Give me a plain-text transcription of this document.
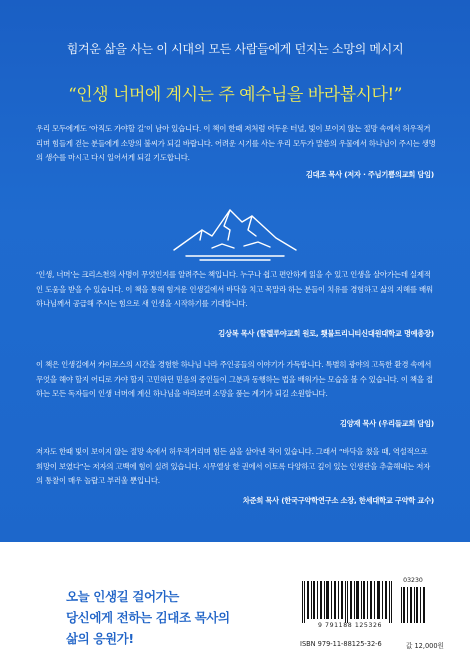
힘겨운 삶을 사는 이 시대의 모든 사람들에게 던지는 소망의 메시지
“인생 너머에 계시는 주 예수님을 바라봅시다!”

우리 모두에게도 ‘아직도 가야할 길’이 남아 있습니다. 이 책이 한때 저처럼 어두운 터널, 빛이 보이지 않는 절망 속에서 허우적거리며 힘들게 걷는 분들에게 소망의 불씨가 되길 바랍니다. 어려운 시기를 사는 우리 모두가 말씀의 우물에서 하나님이 주시는 생명의 생수를 마시고 다시 일어서게 되길 기도합니다.

김대조 목사 (저자 · 주님기쁨의교회 담임)

‘인생, 너머’는 크리스천의 사명이 무엇인지를 알려주는 책입니다. 누구나 쉽고 편안하게 읽을 수 있고 인생을 살아가는데 실제적인 도움을 받을 수 있습니다. 이 책을 통해 힘겨운 인생길에서 바닥을 치고 목말라 하는 분들이 치유를 경험하고 삶의 지혜를 배워 하나님께서 공급해 주시는 힘으로 새 인생을 시작하기를 기대합니다.

김상복 목사 (할렐루야교회 원로, 횃불트리니티신대원대학교 명예총장)

이 책은 인생길에서 카이로스의 시간을 경험한 하나님 나라 주인공들의 이야기가 가득합니다. 특별히 광야의 고독한 환경 속에서 무엇을 해야 할지 어디로 가야 할지 고민하던 믿음의 증인들이 그분과 동행하는 법을 배워가는 모습을 볼 수 있습니다. 이 책을 접하는 모든 독자들이 인생 너머에 계신 하나님을 바라보며 소망을 품는 계기가 되길 소원합니다.

김양재 목사 (우리들교회 담임)

저자도 한때 빛이 보이지 않는 절망 속에서 허우적거리며 힘든 삶을 살아낸 적이 있습니다. 그래서 “바닥을 쳤을 때, 역설적으로 희망이 보였다”는 저자의 고백에 힘이 실려 있습니다. 시무엘상 한 권에서 이토록 다양하고 깊이 있는 인생관을 추출해내는 저자의 통찰이 매우 놀랍고 부러울 뿐입니다.

차준희 목사 (한국구약학연구소 소장, 한세대학교 구약학 교수)
오늘 인생길 걸어가는
당신에게 전하는 김대조 목사의
삶의 응원가!
03230
9 791188 125326
ISBN 979-11-88125-32-6	값 12,000원
